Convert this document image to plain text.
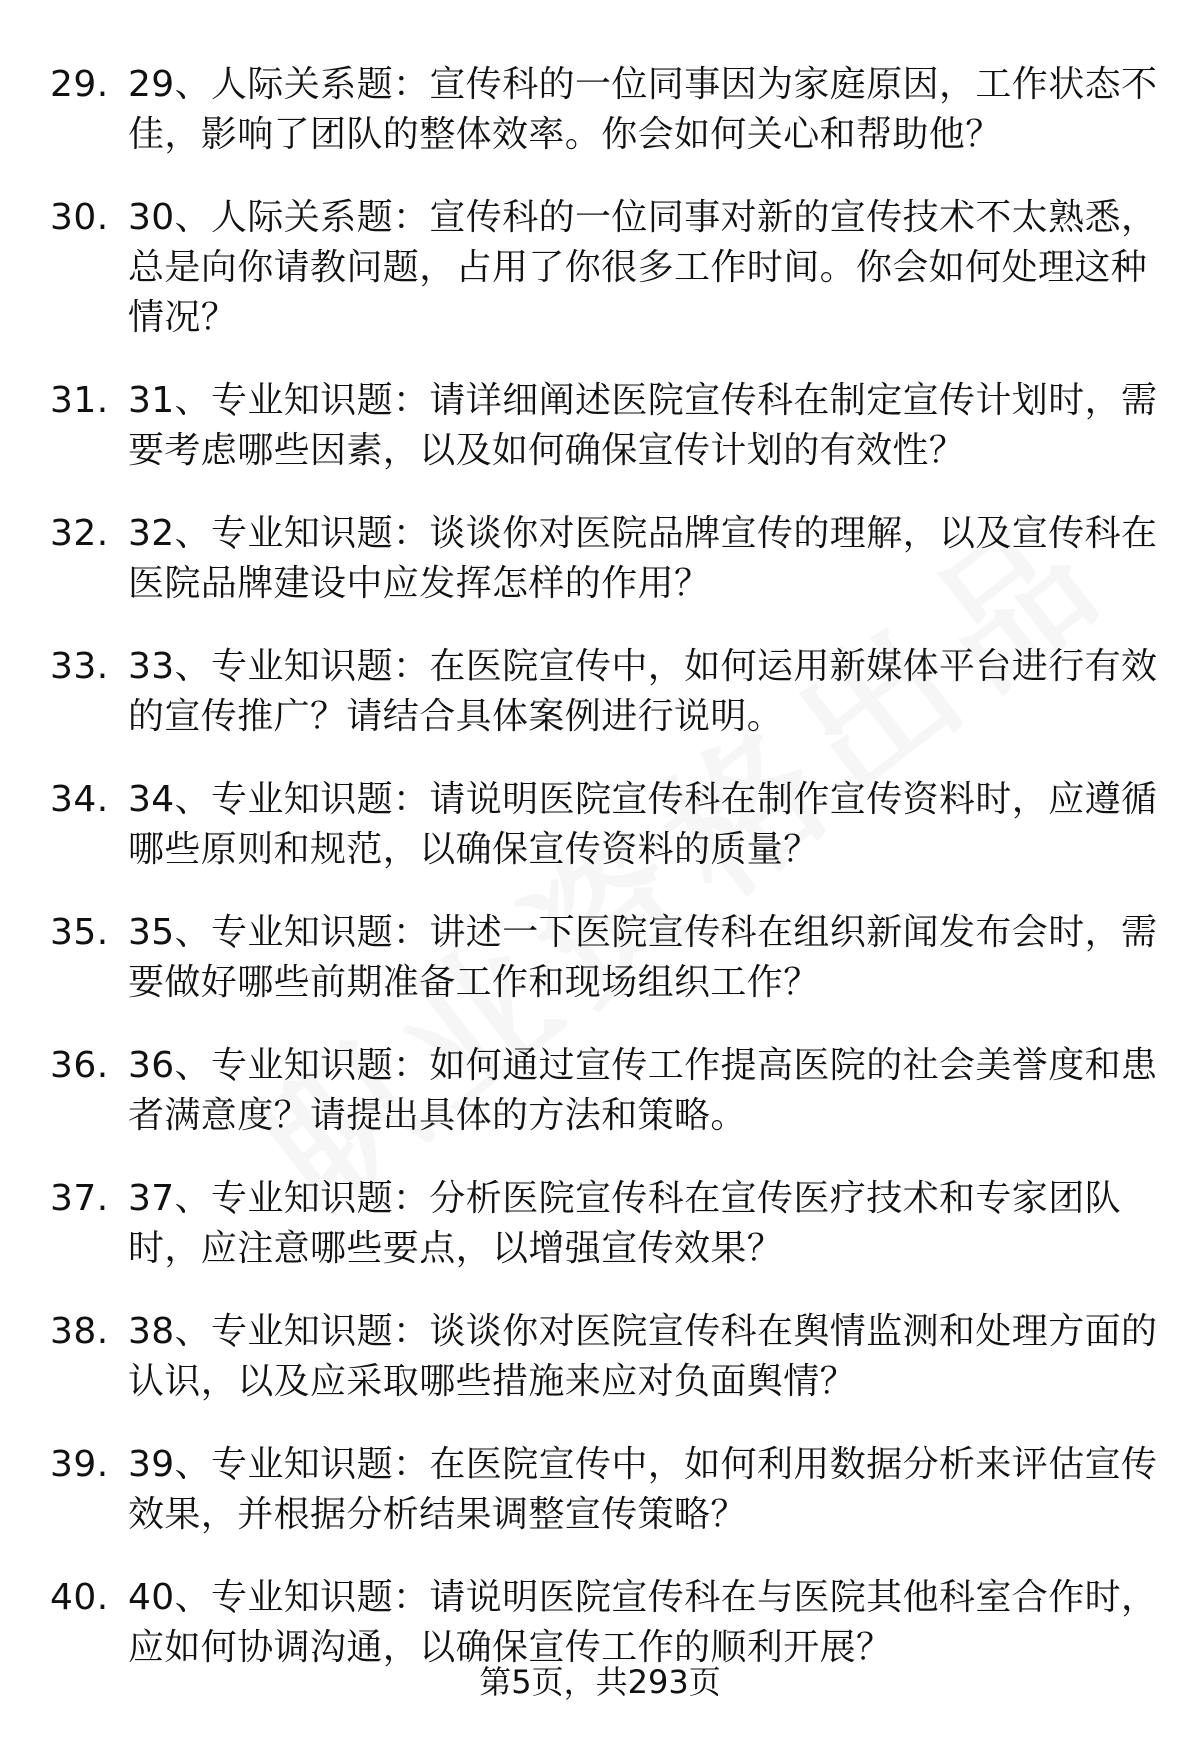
29. 29、人际关系题：宣传科的一位同事因为家庭原因，工作状态不佳，影响了团队的整体效率。你会如何关心和帮助他？
30. 30、人际关系题：宣传科的一位同事对新的宣传技术不太熟悉，总是向你请教问题，占用了你很多工作时间。你会如何处理这种情况？
31. 31、专业知识题：请详细阐述医院宣传科在制定宣传计划时，需要考虑哪些因素，以及如何确保宣传计划的有效性？
32. 32、专业知识题：谈谈你对医院品牌宣传的理解，以及宣传科在医院品牌建设中应发挥怎样的作用？
33. 33、专业知识题：在医院宣传中，如何运用新媒体平台进行有效的宣传推广？请结合具体案例进行说明。
34. 34、专业知识题：请说明医院宣传科在制作宣传资料时，应遵循哪些原则和规范，以确保宣传资料的质量？
35. 35、专业知识题：讲述一下医院宣传科在组织新闻发布会时，需要做好哪些前期准备工作和现场组织工作？
36. 36、专业知识题：如何通过宣传工作提高医院的社会美誉度和患者满意度？请提出具体的方法和策略。
37. 37、专业知识题：分析医院宣传科在宣传医疗技术和专家团队时，应注意哪些要点，以增强宣传效果？
38. 38、专业知识题：谈谈你对医院宣传科在舆情监测和处理方面的认识，以及应采取哪些措施来应对负面舆情？
39. 39、专业知识题：在医院宣传中，如何利用数据分析来评估宣传效果，并根据分析结果调整宣传策略？
40. 40、专业知识题：请说明医院宣传科在与医院其他科室合作时，应如何协调沟通，以确保宣传工作的顺利开展？
第5页，共293页
